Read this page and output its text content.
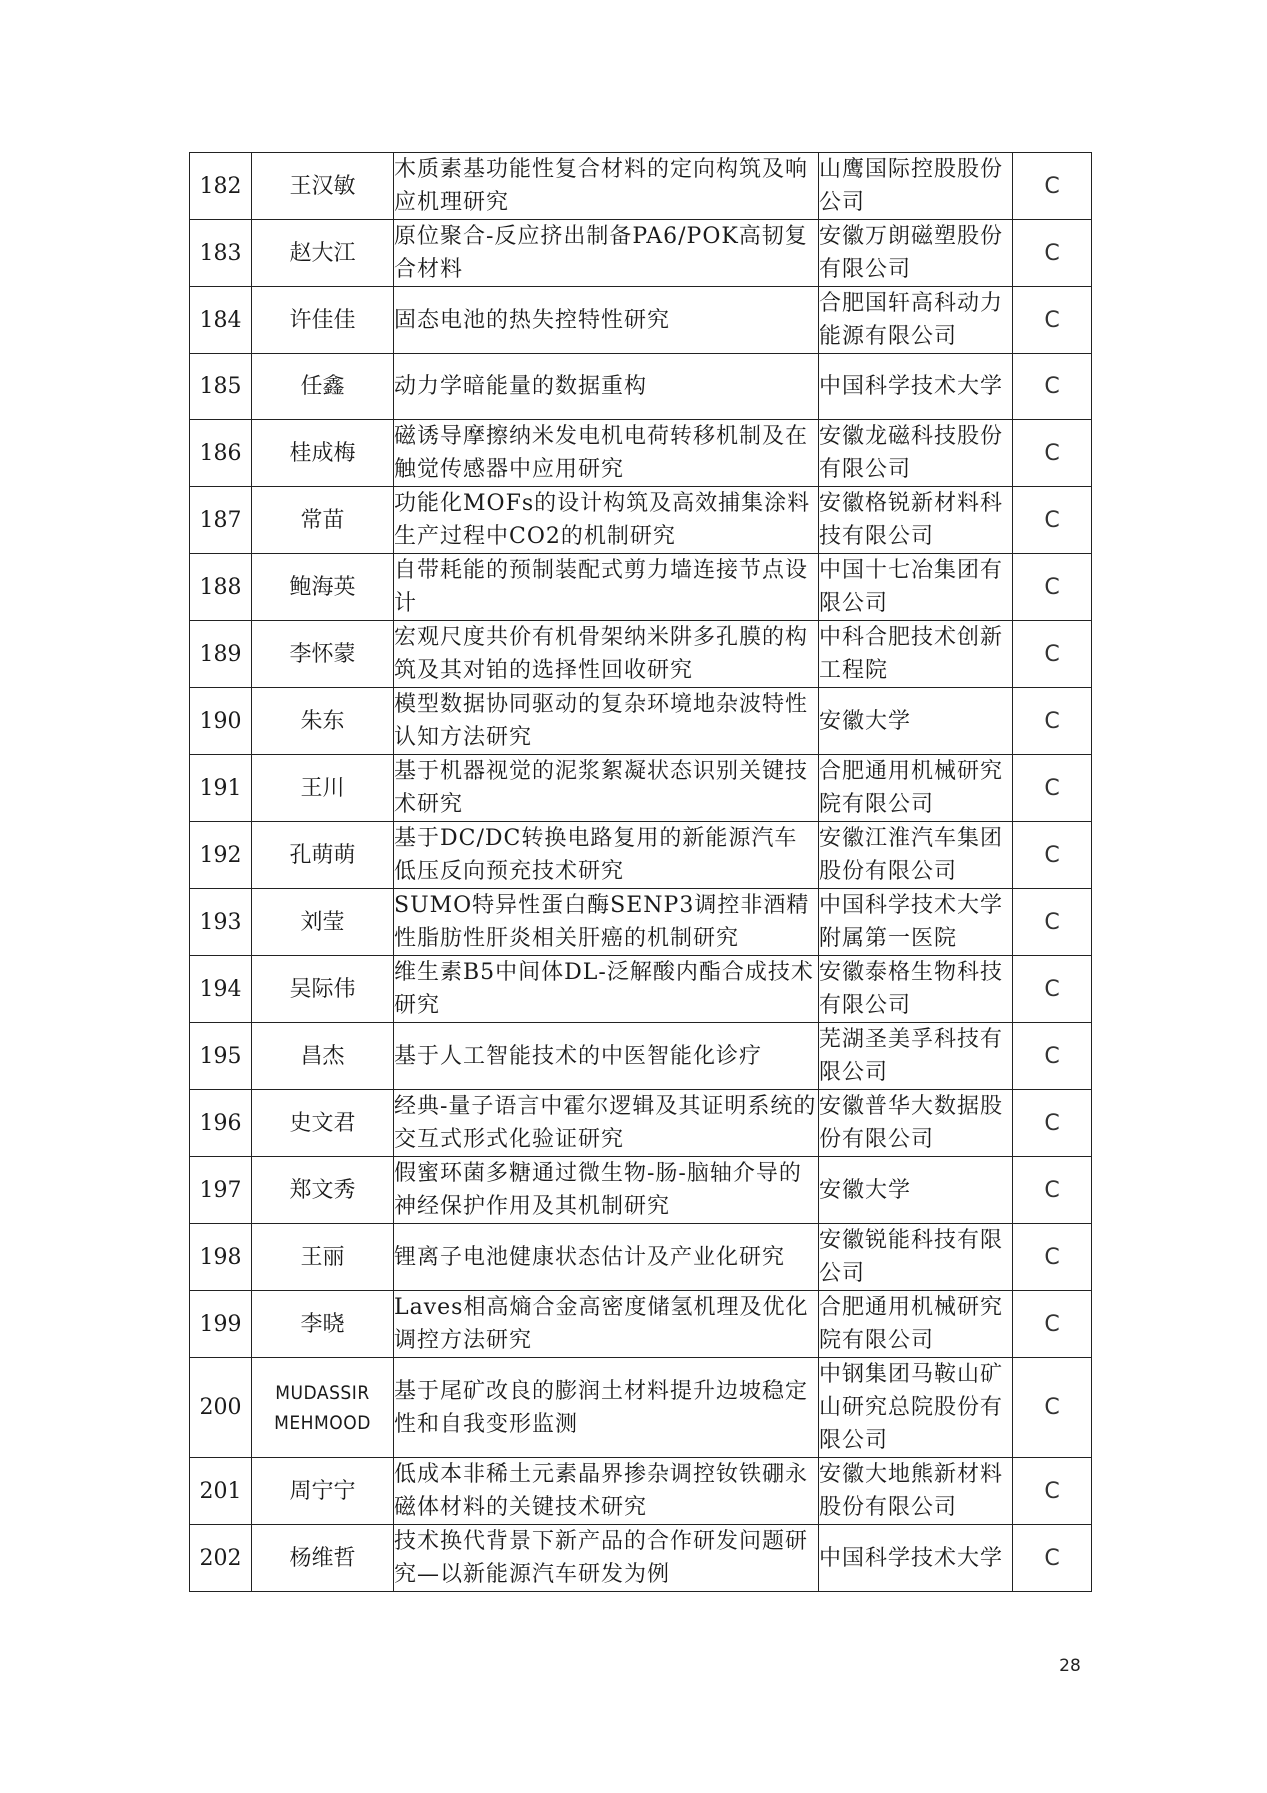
182	王汉敏	木质素基功能性复合材料的定向构筑及响应机理研究	山鹰国际控股股份公司	C
183	赵大江	原位聚合-反应挤出制备PA6/POK高韧复合材料	安徽万朗磁塑股份有限公司	C
184	许佳佳	固态电池的热失控特性研究	合肥国轩高科动力能源有限公司	C
185	任鑫	动力学暗能量的数据重构	中国科学技术大学	C
186	桂成梅	磁诱导摩擦纳米发电机电荷转移机制及在触觉传感器中应用研究	安徽龙磁科技股份有限公司	C
187	常苗	功能化MOFs的设计构筑及高效捕集涂料生产过程中CO2的机制研究	安徽格锐新材料科技有限公司	C
188	鲍海英	自带耗能的预制装配式剪力墙连接节点设计	中国十七冶集团有限公司	C
189	李怀蒙	宏观尺度共价有机骨架纳米阱多孔膜的构筑及其对铂的选择性回收研究	中科合肥技术创新工程院	C
190	朱东	模型数据协同驱动的复杂环境地杂波特性认知方法研究	安徽大学	C
191	王川	基于机器视觉的泥浆絮凝状态识别关键技术研究	合肥通用机械研究院有限公司	C
192	孔萌萌	基于DC/DC转换电路复用的新能源汽车低压反向预充技术研究	安徽江淮汽车集团股份有限公司	C
193	刘莹	SUMO特异性蛋白酶SENP3调控非酒精性脂肪性肝炎相关肝癌的机制研究	中国科学技术大学附属第一医院	C
194	吴际伟	维生素B5中间体DL-泛解酸内酯合成技术研究	安徽泰格生物科技有限公司	C
195	昌杰	基于人工智能技术的中医智能化诊疗	芜湖圣美孚科技有限公司	C
196	史文君	经典-量子语言中霍尔逻辑及其证明系统的交互式形式化验证研究	安徽普华大数据股份有限公司	C
197	郑文秀	假蜜环菌多糖通过微生物-肠-脑轴介导的神经保护作用及其机制研究	安徽大学	C
198	王丽	锂离子电池健康状态估计及产业化研究	安徽锐能科技有限公司	C
199	李晓	Laves相高熵合金高密度储氢机理及优化调控方法研究	合肥通用机械研究院有限公司	C
200	MUDASSIR MEHMOOD	基于尾矿改良的膨润土材料提升边坡稳定性和自我变形监测	中钢集团马鞍山矿山研究总院股份有限公司	C
201	周宁宁	低成本非稀土元素晶界掺杂调控钕铁硼永磁体材料的关键技术研究	安徽大地熊新材料股份有限公司	C
202	杨维哲	技术换代背景下新产品的合作研发问题研究—以新能源汽车研发为例	中国科学技术大学	C
28
